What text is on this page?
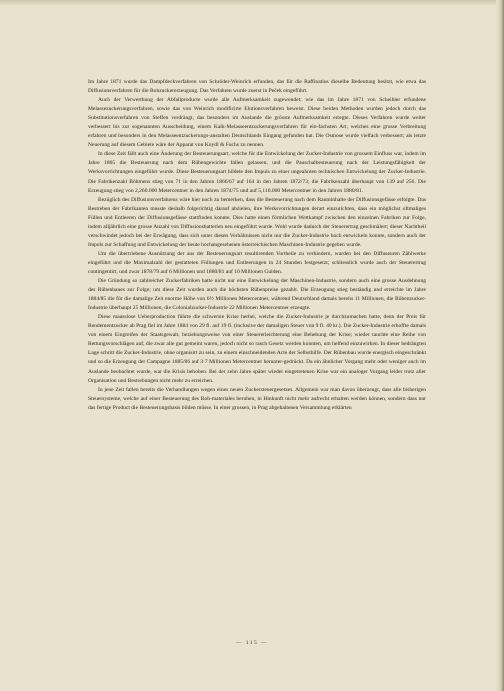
Im Jahre 1871 wurde das Dampfdeckverfahren von Schröder-Weinrich erfunden, das für die Raffinatios dieselbe Bedeutung besitzt, wie etwa das Diffusionsverfahren für die Rohzuckererzeugung. Das Verfahren wurde zuerst in Peček eingeführt.

Auch der Verwerthung der Abfallproducte wurde alle Aufmerksamkeit zugewendet; wie das im Jahre 1871 von Scheibler erfundene Melassezuckerungsverfahren, sowie das von Weinrich modificirte Elutionsverfahren beweist. Diese beiden Methoden wurden jedoch durch das Substitutionsverfahren von Steffen verdrängt, das besonders im Auslande die grösste Aufmerksamkeit erregte. Dieses Verfahren wurde weiter verbessert bis zur sogenannten Ausscheidung, einem Kalk-Melasseentzuckerungsverfahren für ein-fachsten Art, welches eine grosse Verbreitung erfahren und besonders in den Melasseentzuckerungs-anstalten Deutschlands Eingang gefunden hat. Die Osmose wurde vielfach verbessert; als letzte Neuerung auf diesem Gebiete wäre der Apparat von Koydl & Fuchs zu nennen.

In diese Zeit fällt auch eine Änderung der Besteuerungsart, welche für die Entwickelung der Zucker-Industrie von grossem Einfluss war, indem im Jahre 1865 die Besteuerung nach dem Rübengewichte fallen gelassen, und die Pauschalbesteuerung nach der Leistungsfähigkeit der Werksvorrichtungen eingeführt wurde. Diese Besteuerungsart bildete den Impuls zu einer ungeahnten technischen Entwickelung der Zucker-Industrie. Die Fabrikenzahl Böhmens stieg von 71 in den Jahren 1866/67 auf 164 in den Jahren 1872/73; die Fabrikenzahl überhaupt von 139 auf 256. Die Erzeugung stieg von 2,260.000 Metercentner in den Jahren 1874/75 und auf 5,110.000 Metercentner in den Jahren 1880/81.

Bezüglich des Diffusionsverfahrens wäre hier noch zu bemerken, dass die Besteuerung nach dem Rauminhalte der Diffusionsgefässe erfolgte. Das Bestreben der Fabrikanten musste deshalb folgerichtig darauf abzielen, ihre Werksvorrichtungen derart einzurichten, dass ein möglichst oftmaliges Füllen und Entleeren der Diffusionsgefässe stattfinden konnte. Dies hatte einen förmlichen Wettkampf zwischen den einzelnen Fabriken zur Folge, indem alljährlich eine grosse Anzahl von Diffusionsbatterien neu eingeführt wurde. Wohl wurde dadurch der Steuerertrag geschmälert; dieser Nachtheil verschwindet jedoch bei der Erwägung, dass sich unter diesen Verhältnissen nicht nur die Zucker-Industrie hoch entwickeln konnte, sondern auch der Impuls zur Schaffung und Entwickelung der heute hochangesehenen österreichischen Maschinen-Industrie gegeben wurde.

Um die übertriebene Ausnützung der aus der Besteuerungsart resultirenden Vortheile zu verhindern, wurden bei den Diffuseuren Zählwerke eingeführt und die Maximalzahl der gestatteten Füllungen und Entleerungen in 24 Stunden festgesetzt; schliesslich wurde auch der Steuerertrag contingentirt, und zwar 1878/79 auf 6 Millionen und 1880/81 auf 10 Millionen Gulden.

Die Gründung so zahlreicher Zuckerfabriken hatte nicht nur eine Entwickelung der Maschinen-Industrie, sondern auch eine grosse Ausdehnung des Rübenbaues zur Folge; um diese Zeit wurden auch die höchsten Rübenpreise gezahlt. Die Erzeugung stieg beständig und erreichte im Jahre 1884/85 die für die damalige Zeit enorme Höhe von 6½ Millionen Metercentner, während Deutschland damals bereits 11 Millionen, die Rübenzucker-Industrie überhaupt 25 Millionen, die Colonialzucker-Industrie 22 Millionen Metercentner erzeugte.

Diese maasslose Ueberproduction führte die schwerste Krise herbei, welche die Zucker-Industrie je durchzumachen hatte, denn der Preis für Rendementzucker ab Prag fiel im Jahre 1884 von 29 fl. auf 19 fl. (inclusive der damaligen Steuer von 9 fl. 40 kr.). Die Zucker-Industrie erhoffte damals von einem Eingreifen der Staatsgewalt, beziehungsweise von einer Steuererleichterung eine Behebung der Krise; wieder tauchte eine Reihe von Rettungsvorschlägen auf, die zwar alle gut gemeint waren, jedoch nicht so rasch Gesetz werden konnten, um helfend einzuwirken. In dieser bedrängten Lage schritt die Zucker-Industrie, ohne organisirt zu sein, zu einem einschneidenden Acte der Selbsthilfe. Der Rübenbau wurde energisch eingeschränkt und so die Erzeugung der Campagne 1885/86 auf 3·7 Millionen Metercentner herunter-gedrückt. Da ein ähnlicher Vorgang mehr oder weniger auch im Auslande beobachtet wurde, war die Krisis behoben. Bei der zehn Jahre später wieder eingetretenen Krise war ein analoger Vorgang leider trotz aller Organisation und Bestrebungen nicht mehr zu erreichen.

In jene Zeit fallen bereits die Verhandlungen wegen eines neuen Zuckersteuergesetzes. Allgemein war man davon überzeugt, dass alle bisherigen Steuersysteme, welche auf einer Besteuerung des Roh-materiales beruhen, in Hinkunft nicht mehr aufrecht erhalten werden können, sondern dass nur das fertige Product die Besteuerungsbasis bilden müsse. In einer grossen, in Prag abgehaltenen Versammlung erklärten

— 115 —
